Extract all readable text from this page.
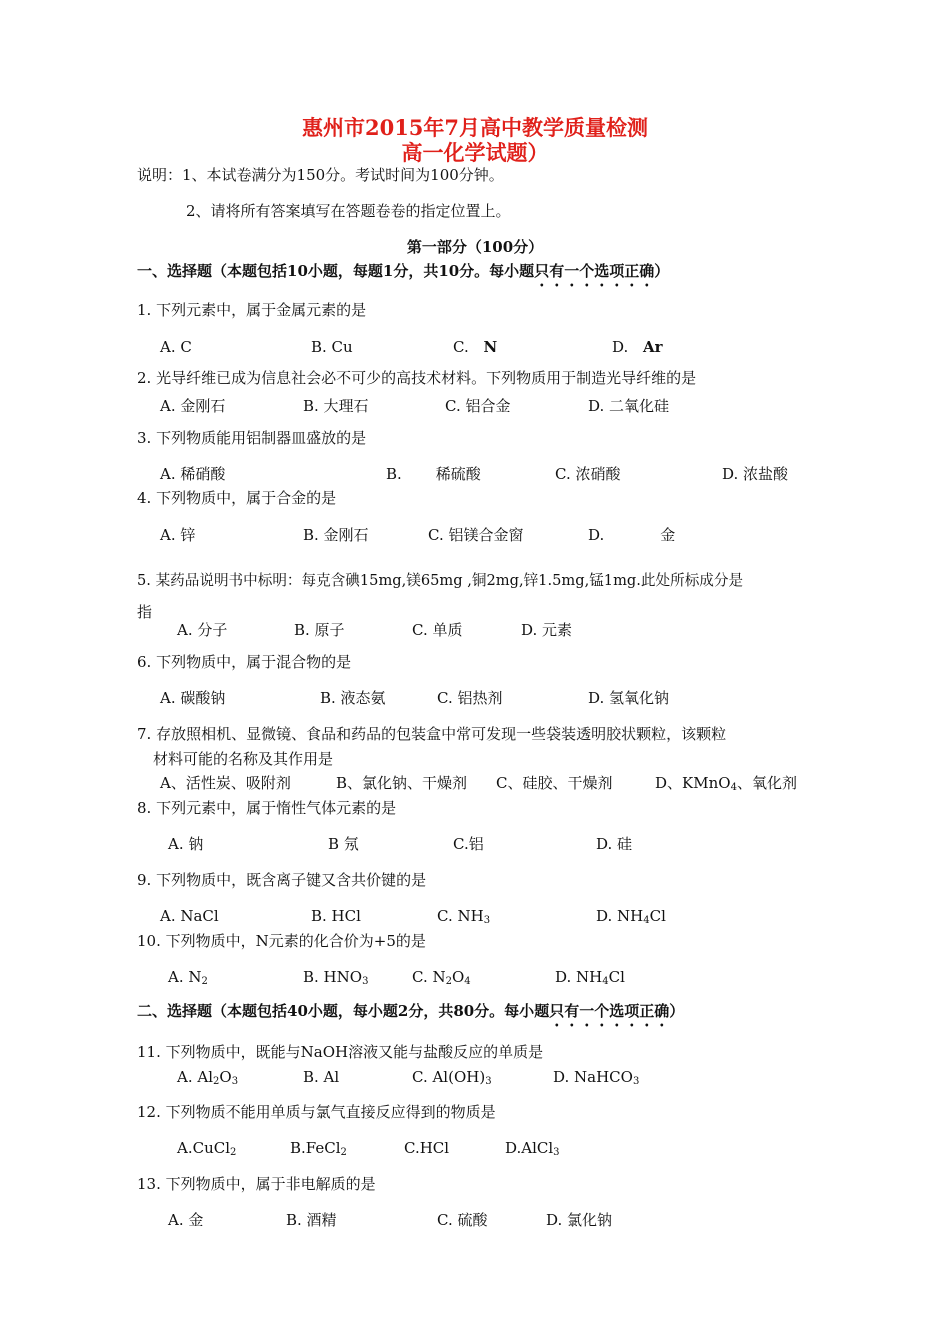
惠州市2015年7月高中教学质量检测
高一化学试题）
说明：1、本试卷满分为150分。考试时间为100分钟。
2、请将所有答案填写在答题卷卷的指定位置上。
第一部分（100分）
一、选择题（本题包括10小题，每题1分，共10分。每小题只有一个选项正确）
1. 下列元素中，属于金属元素的是
A. C	B. Cu	C. N	D. Ar
2. 光导纤维已成为信息社会必不可少的高技术材料。下列物质用于制造光导纤维的是
A. 金刚石	B. 大理石	C. 铝合金	D. 二氧化硅
3. 下列物质能用铝制器皿盛放的是
A. 稀硝酸	B. 稀硫酸	C. 浓硝酸	D. 浓盐酸
4. 下列物质中，属于合金的是
A. 锌	B. 金刚石	C. 铝镁合金窗	D.	金
5. 某药品说明书中标明：每克含碘15mg,镁65mg ,铜2mg,锌1.5mg,锰1mg.此处所标成分是
指
A. 分子	B. 原子	C. 单质	D. 元素
6. 下列物质中，属于混合物的是
A. 碳酸钠	B. 液态氨	C. 铝热剂	D. 氢氧化钠
7. 存放照相机、显微镜、食品和药品的包装盒中常可发现一些袋装透明胶状颗粒，该颗粒
材料可能的名称及其作用是
A、活性炭、吸附剂	B、氯化钠、干燥剂 C、硅胶、干燥剂	D、KMnO$_4$、氧化剂
8. 下列元素中，属于惰性气体元素的是
A. 钠	B 氖	C.铝	D. 硅
9. 下列物质中，既含离子键又含共价键的是
A. NaCl	B. HCl	C. $NH_3$	D. $NH_4Cl$
10. 下列物质中，N元素的化合价为+5的是
A. $N_2$	B. $HNO_3$	C. $N_2O_4$	D. $NH_4Cl$
二、选择题（本题包括40小题，每小题2分，共80分。每小题只有一个选项正确）
11. 下列物质中，既能与NaOH溶液又能与盐酸反应的单质是
A. $Al_2O_3$	B. Al	C. $Al(OH)_3$	D. NaHCO$_3$
12. 下列物质不能用单质与氯气直接反应得到的物质是
A.CuCl$_2$	B.FeCl$_2$	C.HCl	D.AlCl$_3$
13. 下列物质中，属于非电解质的是
A. 金	B. 酒精	C. 硫酸	D. 氯化钠
